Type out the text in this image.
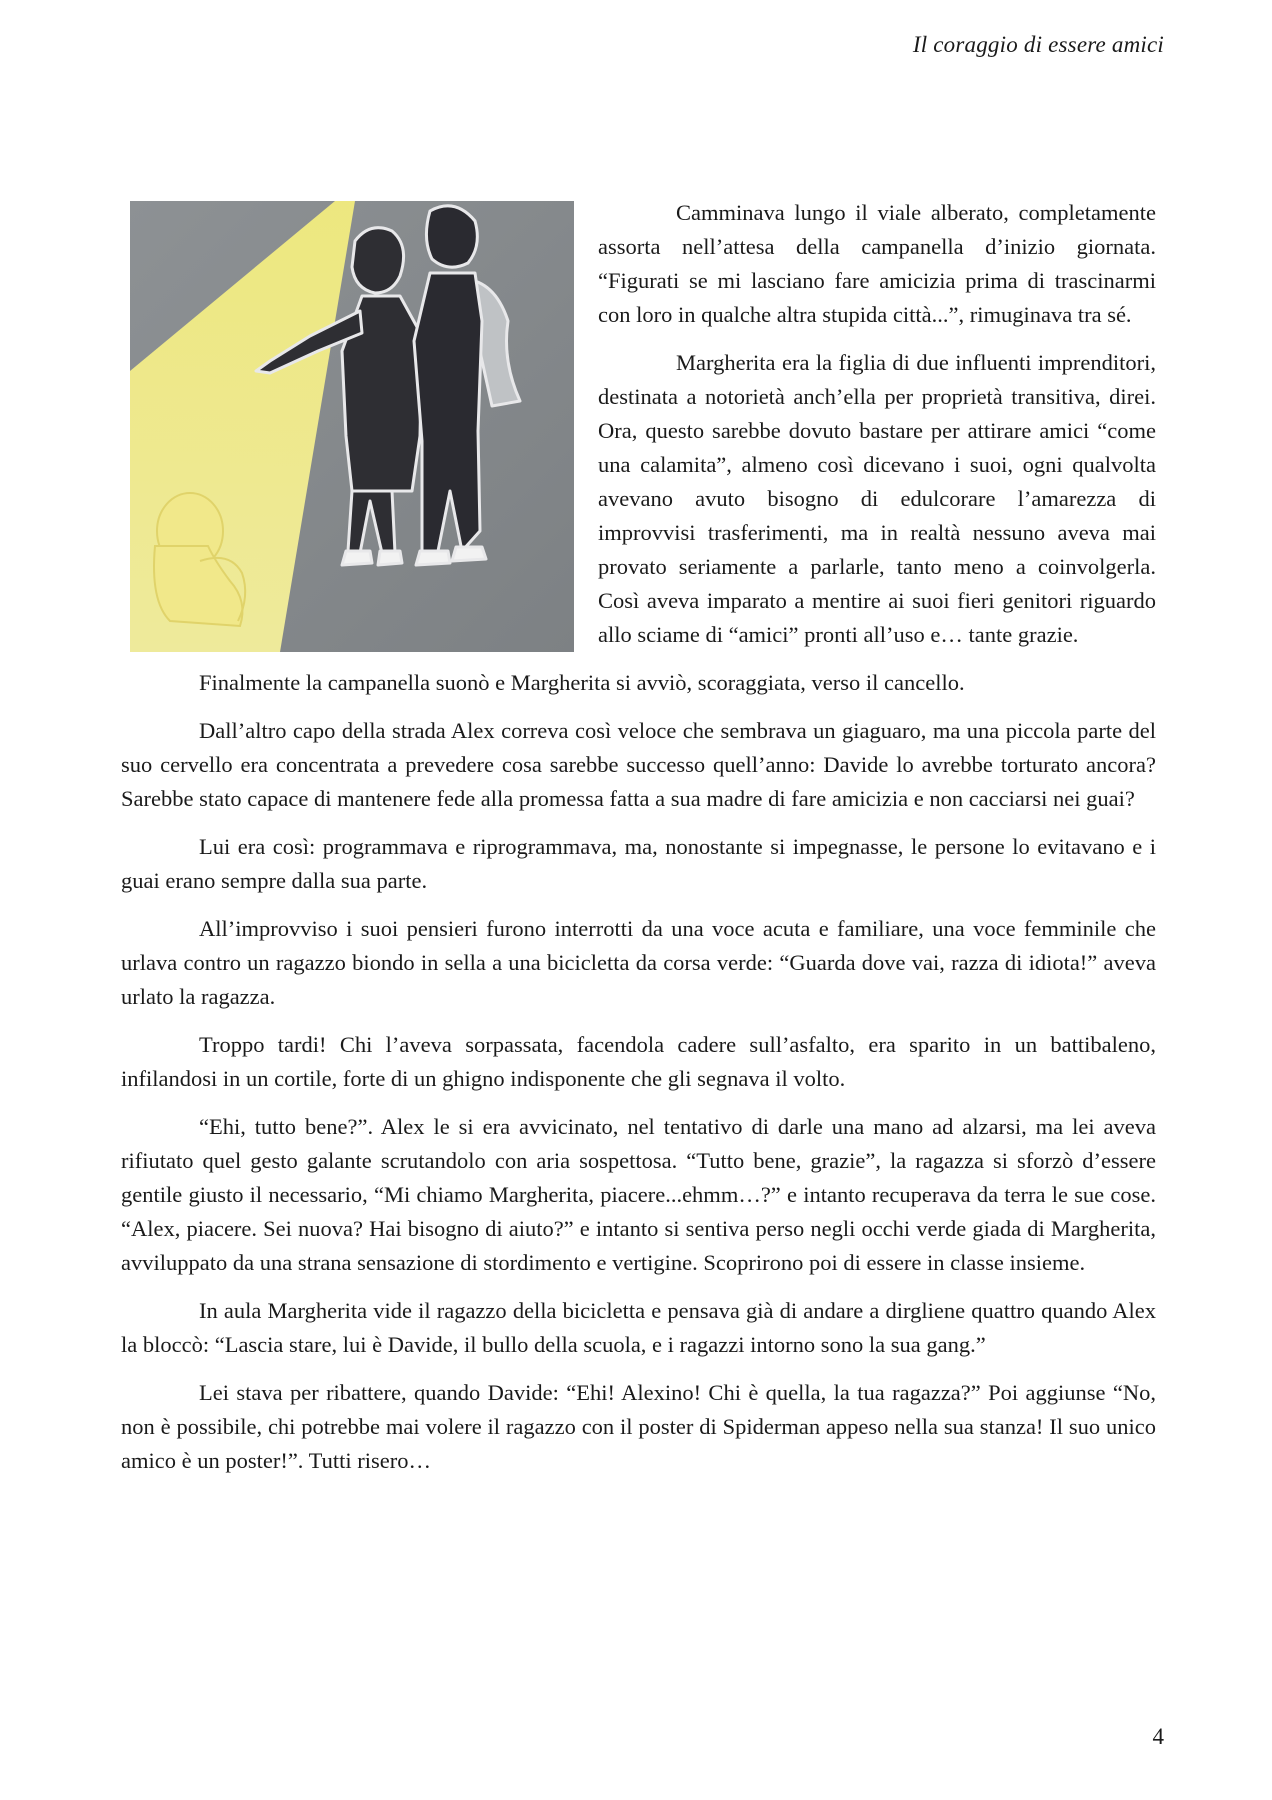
Il coraggio di essere amici

Camminava lungo il viale alberato, completamente assorta nell’attesa della campanella d’inizio giornata. “Figurati se mi lasciano fare amicizia prima di trascinarmi con loro in qualche altra stupida città...”, rimuginava tra sé.

Margherita era la figlia di due influenti imprenditori, destinata a notorietà anch’ella per proprietà transitiva, direi. Ora, questo sarebbe dovuto bastare per attirare amici “come una calamita”, almeno così dicevano i suoi, ogni qualvolta avevano avuto bisogno di edulcorare l’amarezza di improvvisi trasferimenti, ma in realtà nessuno aveva mai provato seriamente a parlarle, tanto meno a coinvolgerla. Così aveva imparato a mentire ai suoi fieri genitori riguardo allo sciame di “amici” pronti all’uso e… tante grazie.

Finalmente la campanella suonò e Margherita si avviò, scoraggiata, verso il cancello.

Dall’altro capo della strada Alex correva così veloce che sembrava un giaguaro, ma una piccola parte del suo cervello era concentrata a prevedere cosa sarebbe successo quell’anno: Davide lo avrebbe torturato ancora? Sarebbe stato capace di mantenere fede alla promessa fatta a sua madre di fare amicizia e non cacciarsi nei guai?

Lui era così: programmava e riprogrammava, ma, nonostante si impegnasse, le persone lo evitavano e i guai erano sempre dalla sua parte.

All’improvviso i suoi pensieri furono interrotti da una voce acuta e familiare, una voce femminile che urlava contro un ragazzo biondo in sella a una bicicletta da corsa verde: “Guarda dove vai, razza di idiota!” aveva urlato la ragazza.

Troppo tardi! Chi l’aveva sorpassata, facendola cadere sull’asfalto, era sparito in un battibaleno, infilandosi in un cortile, forte di un ghigno indisponente che gli segnava il volto.

“Ehi, tutto bene?”. Alex le si era avvicinato, nel tentativo di darle una mano ad alzarsi, ma lei aveva rifiutato quel gesto galante scrutandolo con aria sospettosa. “Tutto bene, grazie”, la ragazza si sforzò d’essere gentile giusto il necessario, “Mi chiamo Margherita, piacere...ehmm…?” e intanto recuperava da terra le sue cose. “Alex, piacere. Sei nuova? Hai bisogno di aiuto?” e intanto si sentiva perso negli occhi verde giada di Margherita, avviluppato da una strana sensazione di stordimento e vertigine. Scoprirono poi di essere in classe insieme.

In aula Margherita vide il ragazzo della bicicletta e pensava già di andare a dirgliene quattro quando Alex la bloccò: “Lascia stare, lui è Davide, il bullo della scuola, e i ragazzi intorno sono la sua gang.”

Lei stava per ribattere, quando Davide: “Ehi! Alexino! Chi è quella, la tua ragazza?” Poi aggiunse “No, non è possibile, chi potrebbe mai volere il ragazzo con il poster di Spiderman appeso nella sua stanza! Il suo unico amico è un poster!”. Tutti risero…

4
